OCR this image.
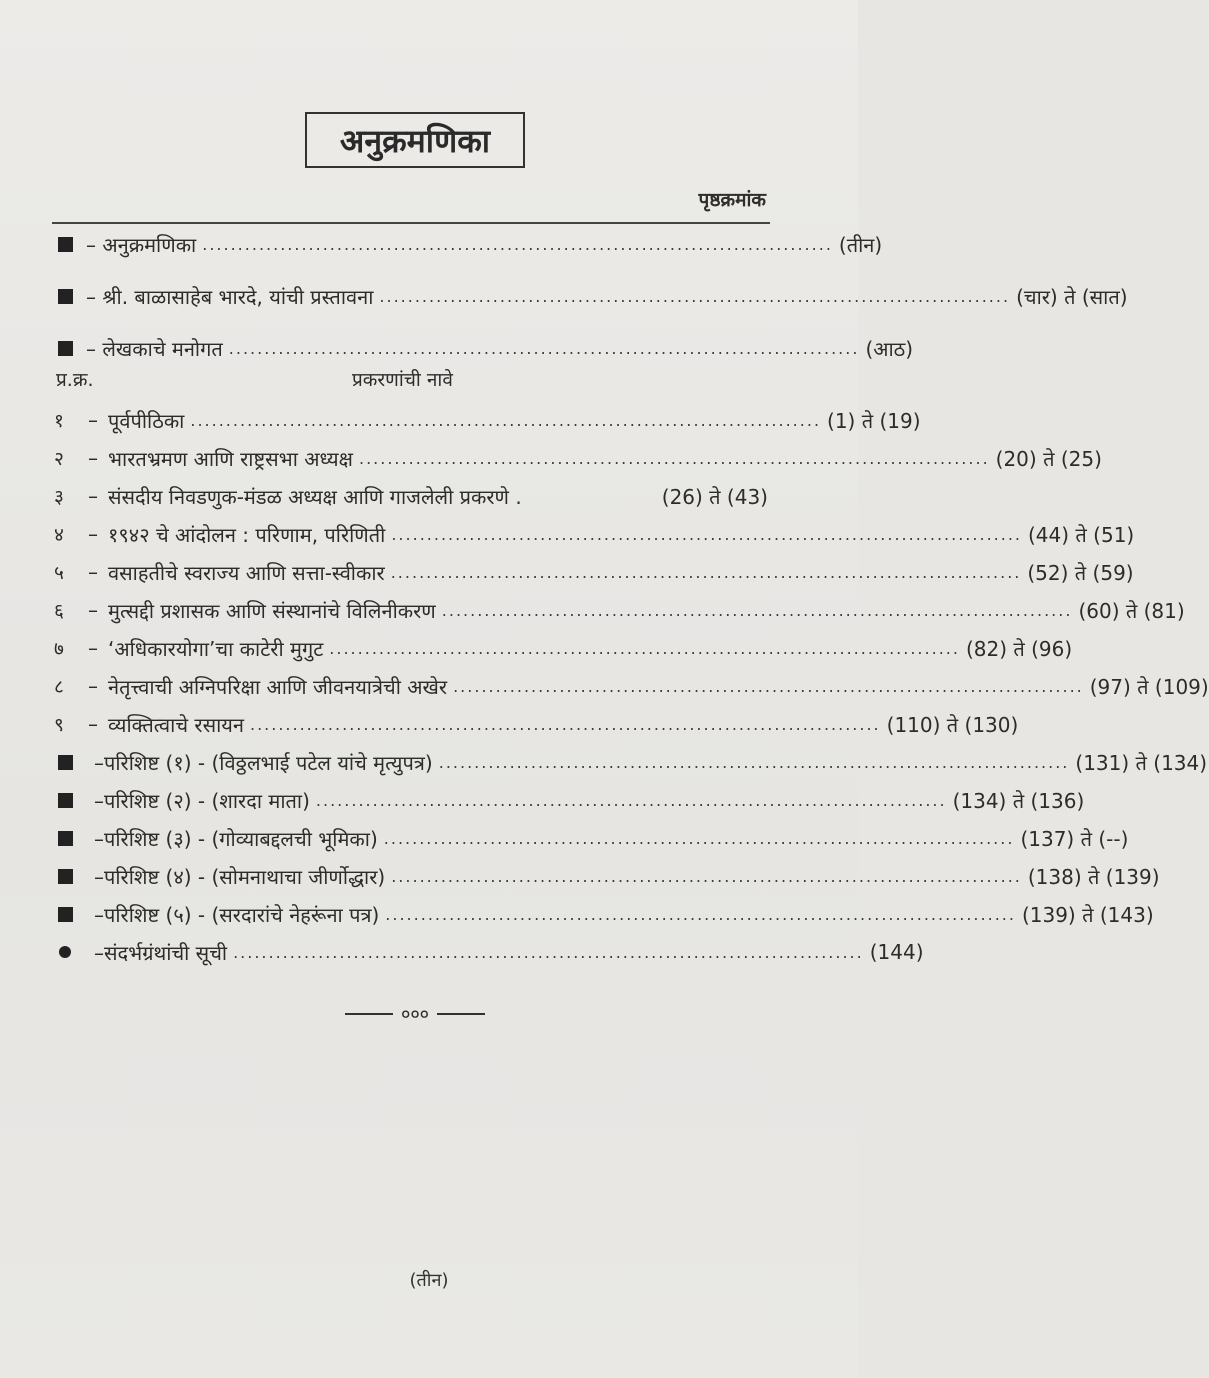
अनुक्रमणिका
पृष्ठक्रमांक
– अनुक्रमणिका ......................................................................................... (तीन)
– श्री. बाळासाहेब भारदे, यांची प्रस्तावना ......................................................................................... (चार) ते (सात)
– लेखकाचे मनोगत ......................................................................................... (आठ)
प्र.क्र.	प्रकरणांची नावे
१	– पूर्वपीठिका ......................................................................................... (1) ते (19)
२	– भारतभ्रमण आणि राष्ट्रसभा अध्यक्ष ......................................................................................... (20) ते (25)
३	– संसदीय निवडणुक-मंडळ अध्यक्ष आणि गाजलेली प्रकरणे .	(26) ते (43)
४	– १९४२ चे आंदोलन : परिणाम, परिणिती ......................................................................................... (44) ते (51)
५	– वसाहतीचे स्वराज्य आणि सत्ता-स्वीकार ......................................................................................... (52) ते (59)
६	– मुत्सद्दी प्रशासक आणि संस्थानांचे विलिनीकरण ......................................................................................... (60) ते (81)
७	– ‘अधिकारयोगा’चा काटेरी मुगुट ......................................................................................... (82) ते (96)
८	– नेतृत्त्वाची अग्निपरिक्षा आणि जीवनयात्रेची अखेर ......................................................................................... (97) ते (109)
९	– व्यक्तित्वाचे रसायन ......................................................................................... (110) ते (130)
–परिशिष्ट (१) - (विठ्ठलभाई पटेल यांचे मृत्युपत्र) ......................................................................................... (131) ते (134)
–परिशिष्ट (२) - (शारदा माता) ......................................................................................... (134) ते (136)
–परिशिष्ट (३) - (गोव्याबद्दलची भूमिका) ......................................................................................... (137) ते (--)
–परिशिष्ट (४) - (सोमनाथाचा जीर्णोद्धार) ......................................................................................... (138) ते (139)
–परिशिष्ट (५) - (सरदारांचे नेहरूंना पत्र) ......................................................................................... (139) ते (143)
–संदर्भग्रंथांची सूची ......................................................................................... (144)
०००
(तीन)
